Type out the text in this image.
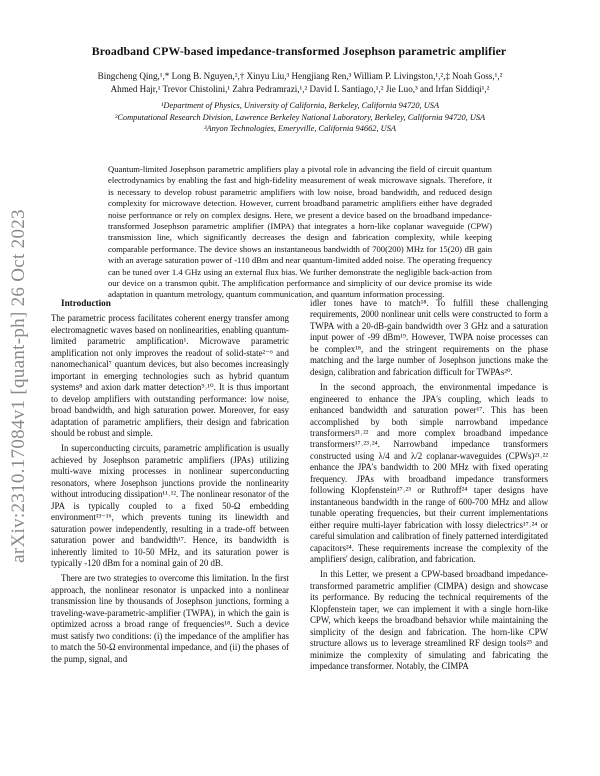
arXiv:2310.17084v1 [quant-ph] 26 Oct 2023
Broadband CPW-based impedance-transformed Josephson parametric amplifier
Bingcheng Qing,¹,* Long B. Nguyen,²,† Xinyu Liu,³ Hengjiang Ren,³ William P. Livingston,¹,²,‡ Noah Goss,¹,²
Ahmed Hajr,¹ Trevor Chistolini,¹ Zahra Pedramrazi,¹,² David I. Santiago,¹,² Jie Luo,³ and Irfan Siddiqi¹,²
¹Department of Physics, University of California, Berkeley, California 94720, USA
²Computational Research Division, Lawrence Berkeley National Laboratory, Berkeley, California 94720, USA
³Anyon Technologies, Emeryville, California 94662, USA
Quantum-limited Josephson parametric amplifiers play a pivotal role in advancing the field of circuit quantum electrodynamics by enabling the fast and high-fidelity measurement of weak microwave signals. Therefore, it is necessary to develop robust parametric amplifiers with low noise, broad bandwidth, and reduced design complexity for microwave detection. However, current broadband parametric amplifiers either have degraded noise performance or rely on complex designs. Here, we present a device based on the broadband impedance-transformed Josephson parametric amplifier (IMPA) that integrates a horn-like coplanar waveguide (CPW) transmission line, which significantly decreases the design and fabrication complexity, while keeping comparable performance. The device shows an instantaneous bandwidth of 700(200) MHz for 15(20) dB gain with an average saturation power of -110 dBm and near quantum-limited added noise. The operating frequency can be tuned over 1.4 GHz using an external flux bias. We further demonstrate the negligible back-action from our device on a transmon qubit. The amplification performance and simplicity of our device promise its wide adaptation in quantum metrology, quantum communication, and quantum information processing.

Introduction

The parametric process facilitates coherent energy transfer among electromagnetic waves based on nonlinearities, enabling quantum-limited parametric amplification¹. Microwave parametric amplification not only improves the readout of solid-state²⁻⁶ and nanomechanical⁷ quantum devices, but also becomes increasingly important in emerging technologies such as hybrid quantum systems⁸ and axion dark matter detection⁹˒¹⁰. It is thus important to develop amplifiers with outstanding performance: low noise, broad bandwidth, and high saturation power. Moreover, for easy adaptation of parametric amplifiers, their design and fabrication should be robust and simple.

In superconducting circuits, parametric amplification is usually achieved by Josephson parametric amplifiers (JPAs) utilizing multi-wave mixing processes in nonlinear superconducting resonators, where Josephson junctions provide the nonlinearity without introducing dissipation¹¹˒¹². The nonlinear resonator of the JPA is typically coupled to a fixed 50-Ω embedding environment¹³⁻¹⁶, which prevents tuning its linewidth and saturation power independently, resulting in a trade-off between saturation power and bandwidth¹⁷. Hence, its bandwidth is inherently limited to 10-50 MHz, and its saturation power is typically -120 dBm for a nominal gain of 20 dB.

There are two strategies to overcome this limitation. In the first approach, the nonlinear resonator is unpacked into a nonlinear transmission line by thousands of Josephson junctions, forming a traveling-wave-parametric-amplifier (TWPA), in which the gain is optimized across a broad range of frequencies¹⁸. Such a device must satisfy two conditions: (i) the impedance of the amplifier has to match the 50-Ω environmental impedance, and (ii) the phases of the pump, signal, and

idler tones have to match¹⁸. To fulfill these challenging requirements, 2000 nonlinear unit cells were constructed to form a TWPA with a 20-dB-gain bandwidth over 3 GHz and a saturation input power of -99 dBm¹⁹. However, TWPA noise processes can be complex¹⁸, and the stringent requirements on the phase matching and the large number of Josephson junctions make the design, calibration and fabrication difficult for TWPAs²⁰.

In the second approach, the environmental impedance is engineered to enhance the JPA's coupling, which leads to enhanced bandwidth and saturation power¹⁷. This has been accomplished by both simple narrowband impedance transformers²¹˒²² and more complex broadband impedance transformers¹⁷˒²³˒²⁴. Narrowband impedance transformers constructed using λ/4 and λ/2 coplanar-waveguides (CPWs)²¹˒²² enhance the JPA's bandwidth to 200 MHz with fixed operating frequency. JPAs with broadband impedance transformers following Klopfenstein¹⁷˒²³ or Ruthroff²⁴ taper designs have instantaneous bandwidth in the range of 600-700 MHz and allow tunable operating frequencies, but their current implementations either require multi-layer fabrication with lossy dielectrics¹⁷˒²⁴ or careful simulation and calibration of finely patterned interdigitated capacitors²⁴. These requirements increase the complexity of the amplifiers' design, calibration, and fabrication.

In this Letter, we present a CPW-based broadband impedance-transformed parametric amplifier (CIMPA) design and showcase its performance. By reducing the technical requirements of the Klopfenstein taper, we can implement it with a single horn-like CPW, which keeps the broadband behavior while maintaining the simplicity of the design and fabrication. The horn-like CPW structure allows us to leverage streamlined RF design tools²⁵ and minimize the complexity of simulating and fabricating the impedance transformer. Notably, the CIMPA
